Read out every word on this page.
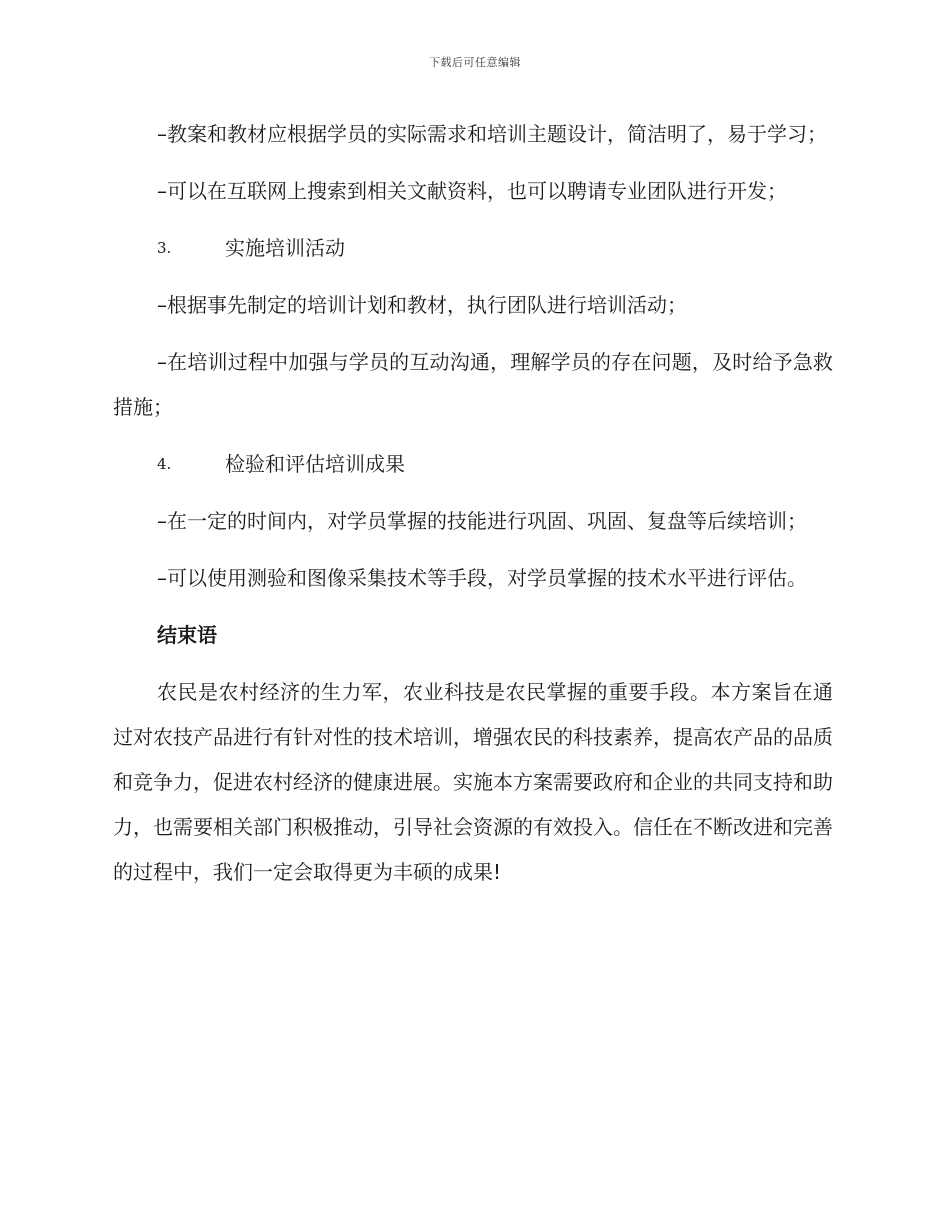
下载后可任意编辑

–教案和教材应根据学员的实际需求和培训主题设计，简洁明了，易于学习；

–可以在互联网上搜索到相关文献资料，也可以聘请专业团队进行开发；

3.	实施培训活动

–根据事先制定的培训计划和教材，执行团队进行培训活动；

–在培训过程中加强与学员的互动沟通，理解学员的存在问题，及时给予急救措施；

4.	检验和评估培训成果

–在一定的时间内，对学员掌握的技能进行巩固、巩固、复盘等后续培训；

–可以使用测验和图像采集技术等手段，对学员掌握的技术水平进行评估。

结束语

农民是农村经济的生力军，农业科技是农民掌握的重要手段。本方案旨在通过对农技产品进行有针对性的技术培训，增强农民的科技素养，提高农产品的品质和竞争力，促进农村经济的健康进展。实施本方案需要政府和企业的共同支持和助力，也需要相关部门积极推动，引导社会资源的有效投入。信任在不断改进和完善的过程中，我们一定会取得更为丰硕的成果!
